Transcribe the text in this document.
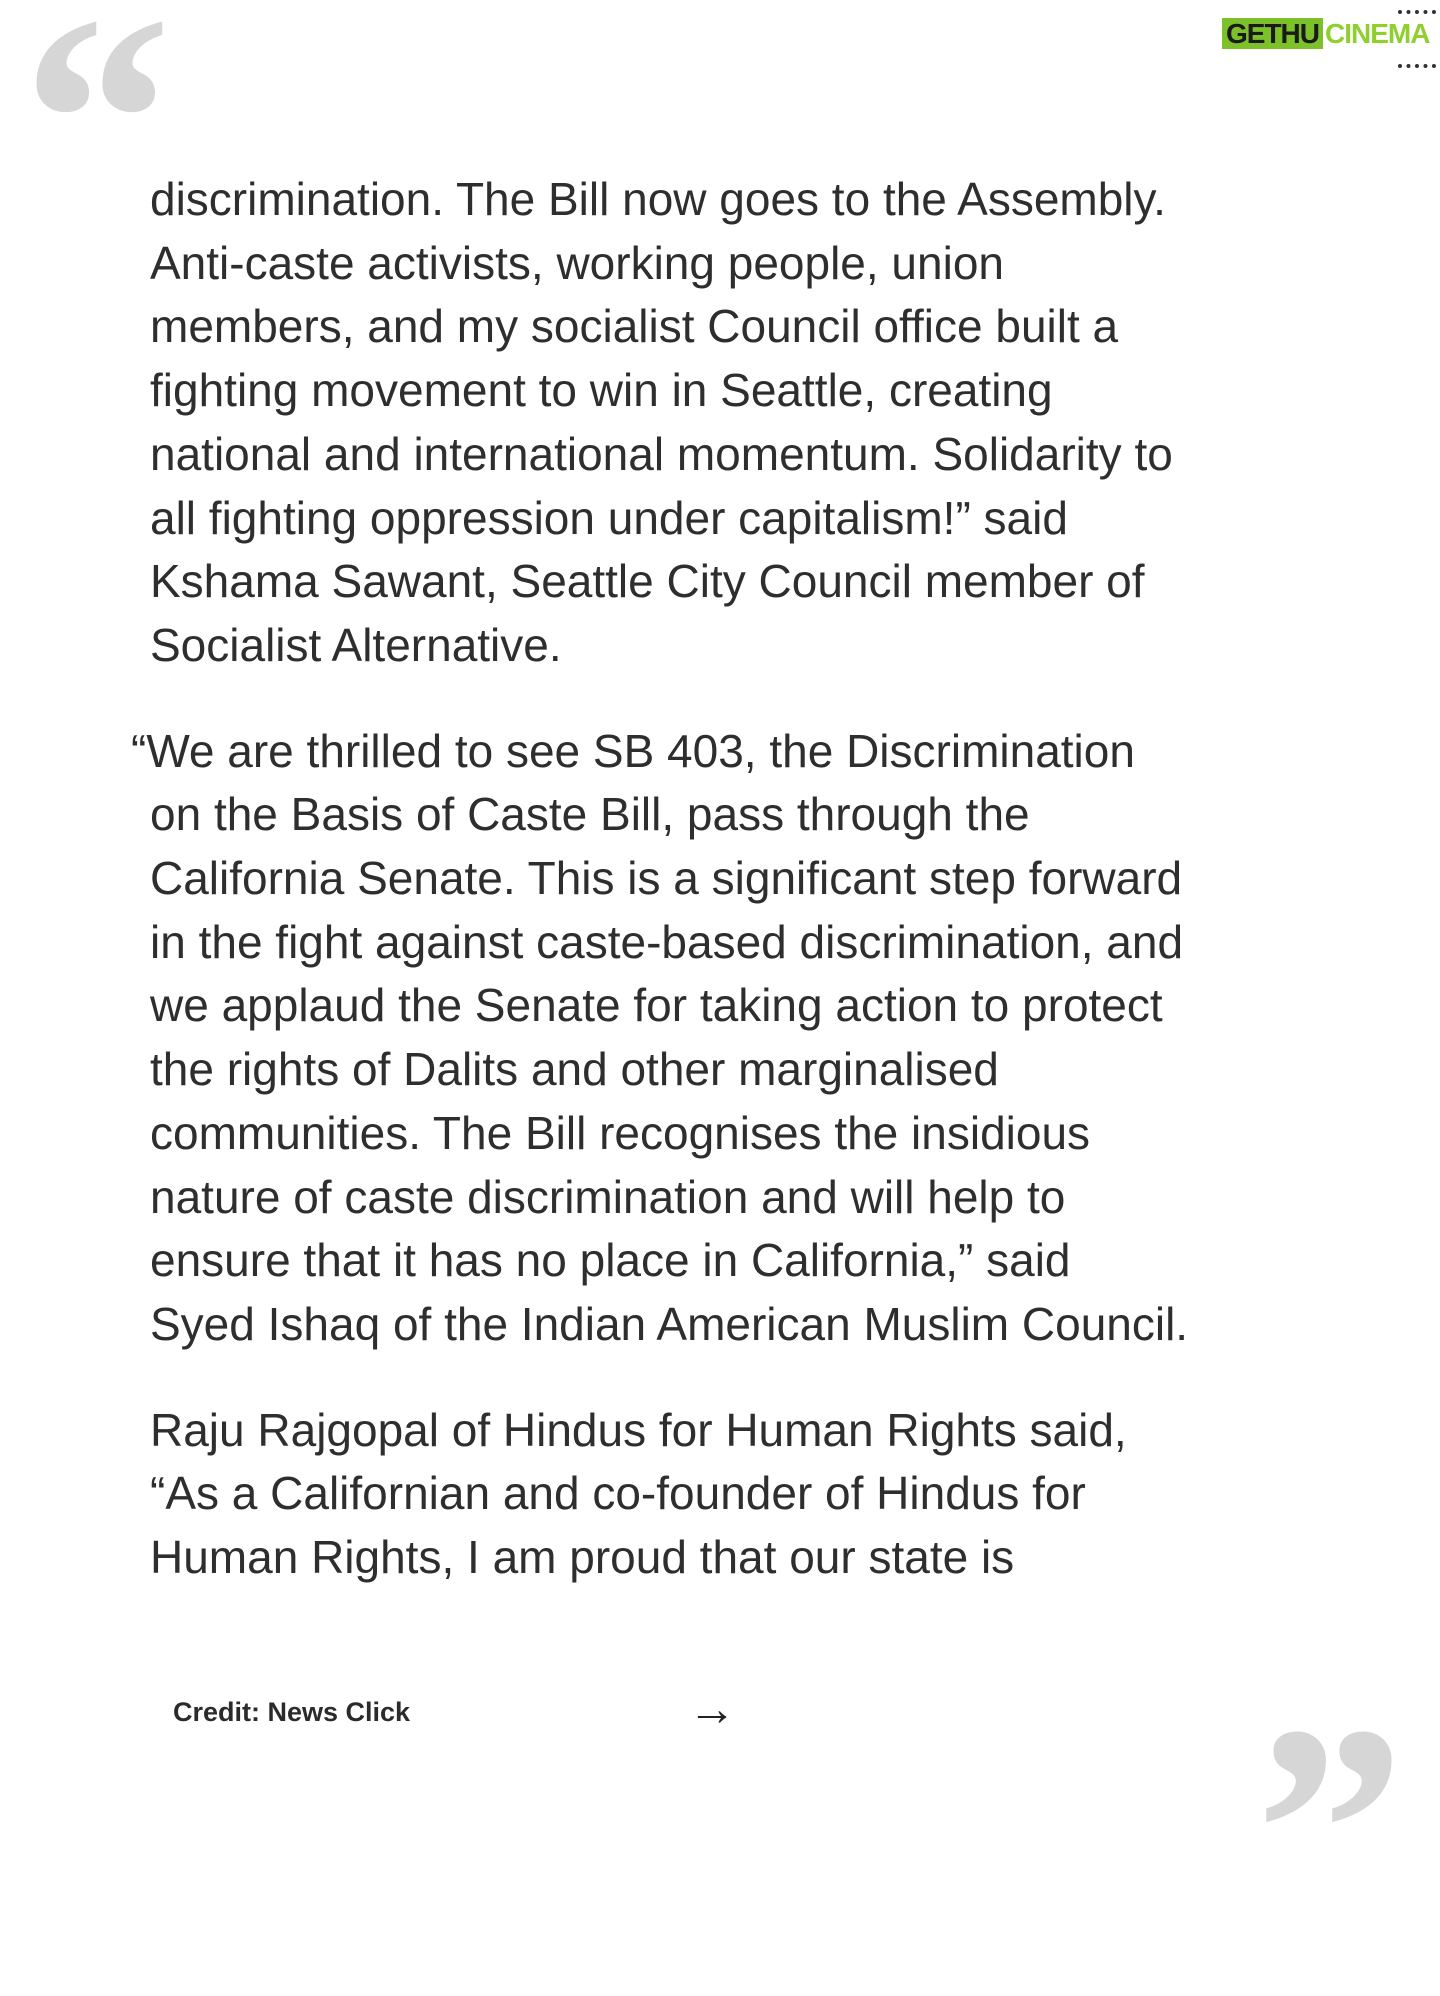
“
”
GETHU CINEMA

discrimination. The Bill now goes to the Assembly.
Anti-caste activists, working people, union
members, and my socialist Council office built a
fighting movement to win in Seattle, creating
national and international momentum. Solidarity to
all fighting oppression under capitalism!” said
Kshama Sawant, Seattle City Council member of
Socialist Alternative.

“We are thrilled to see SB 403, the Discrimination
on the Basis of Caste Bill, pass through the
California Senate. This is a significant step forward
in the fight against caste-based discrimination, and
we applaud the Senate for taking action to protect
the rights of Dalits and other marginalised
communities. The Bill recognises the insidious
nature of caste discrimination and will help to
ensure that it has no place in California,” said
Syed Ishaq of the Indian American Muslim Council.

Raju Rajgopal of Hindus for Human Rights said,
“As a Californian and co-founder of Hindus for
Human Rights, I am proud that our state is

Credit: News Click	→
